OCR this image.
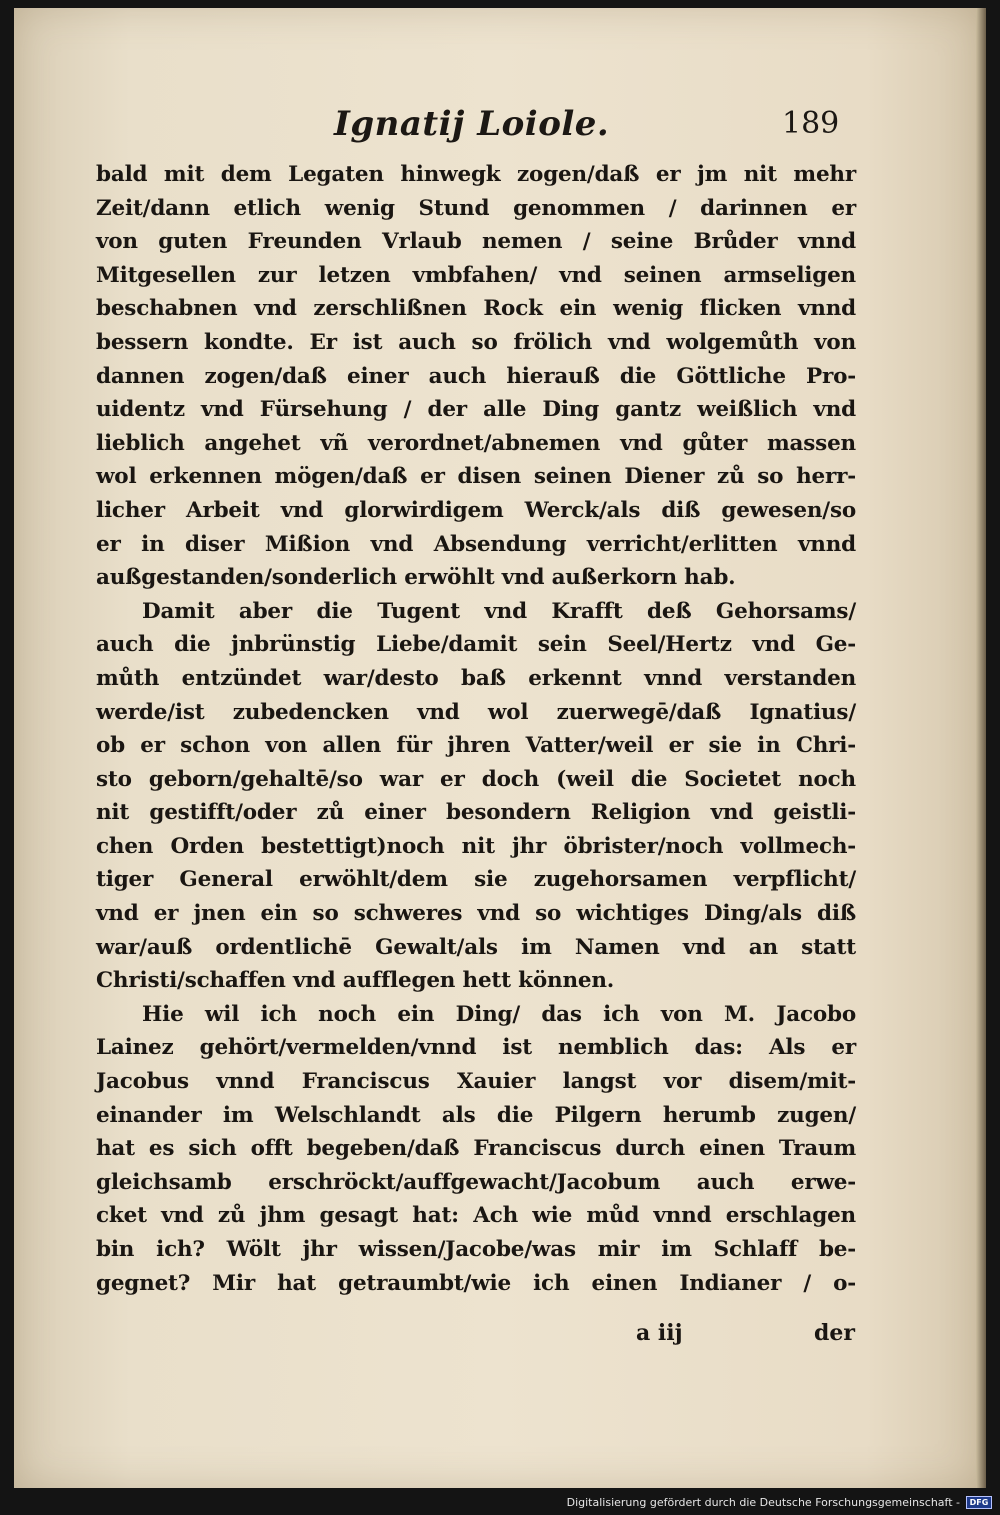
Ignatij Loiole.	189
bald mit dem Legaten hinwegk zogen/daß er jm nit mehr
Zeit/dann etlich wenig Stund genommen / darinnen er
von guten Freunden Vrlaub nemen / seine Brůder vnnd
Mitgesellen zur letzen vmbfahen/ vnd seinen armseligen
beschabnen vnd zerschlißnen Rock ein wenig flicken vnnd
bessern kondte. Er ist auch so frölich vnd wolgemůth von
dannen zogen/daß einer auch hierauß die Göttliche Pro-
uidentz vnd Fürsehung / der alle Ding gantz weißlich vnd
lieblich angehet vñ verordnet/abnemen vnd gůter massen
wol erkennen mögen/daß er disen seinen Diener zů so herr-
licher Arbeit vnd glorwirdigem Werck/als diß gewesen/so
er in diser Mißion vnd Absendung verricht/erlitten vnnd
außgestanden/sonderlich erwöhlt vnd außerkorn hab.
Damit aber die Tugent vnd Krafft deß Gehorsams/
auch die jnbrünstig Liebe/damit sein Seel/Hertz vnd Ge-
můth entzündet war/desto baß erkennt vnnd verstanden
werde/ist zubedencken vnd wol zuerwegē/daß Ignatius/
ob er schon von allen für jhren Vatter/weil er sie in Chri-
sto geborn/gehaltē/so war er doch (weil die Societet noch
nit gestifft/oder zů einer besondern Religion vnd geistli-
chen Orden bestettigt)noch nit jhr öbrister/noch vollmech-
tiger General erwöhlt/dem sie zugehorsamen verpflicht/
vnd er jnen ein so schweres vnd so wichtiges Ding/als diß
war/auß ordentlichē Gewalt/als im Namen vnd an statt
Christi/schaffen vnd aufflegen hett können.
Hie wil ich noch ein Ding/ das ich von M. Jacobo
Lainez gehört/vermelden/vnnd ist nemblich das: Als er
Jacobus vnnd Franciscus Xauier langst vor disem/mit-
einander im Welschlandt als die Pilgern herumb zugen/
hat es sich offt begeben/daß Franciscus durch einen Traum
gleichsamb erschröckt/auffgewacht/Jacobum auch erwe-
cket vnd zů jhm gesagt hat: Ach wie můd vnnd erschlagen
bin ich? Wölt jhr wissen/Jacobe/was mir im Schlaff be-
gegnet? Mir hat getraumbt/wie ich einen Indianer / o-
a iij	der
Digitalisierung gefördert durch die Deutsche Forschungsgemeinschaft -	DFG
